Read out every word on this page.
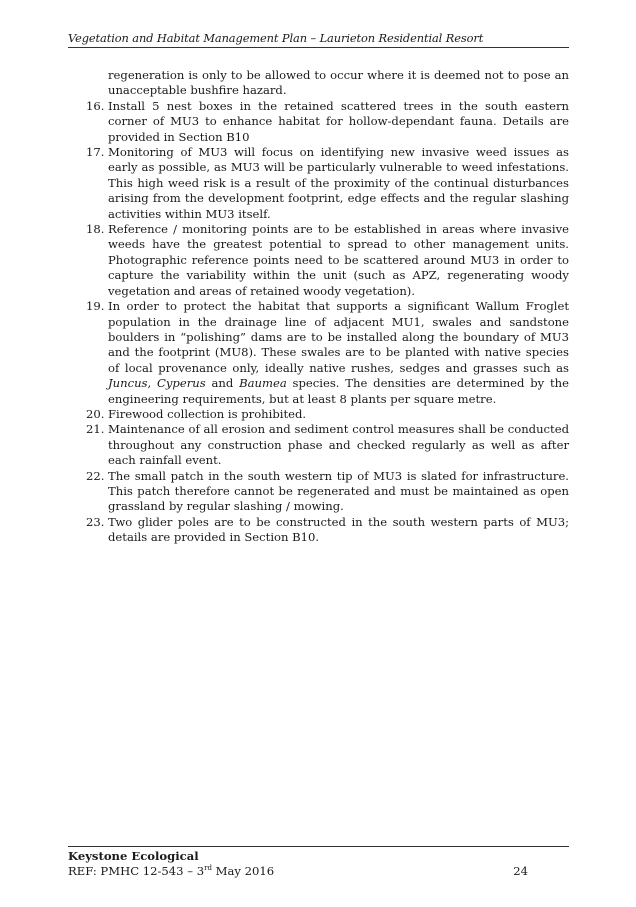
Vegetation and Habitat Management Plan – Laurieton Residential Resort

regeneration is only to be allowed to occur where it is deemed not to pose an unacceptable bushfire hazard.

16. Install 5 nest boxes in the retained scattered trees in the south eastern corner of MU3 to enhance habitat for hollow-dependant fauna. Details are provided in Section B10
17. Monitoring of MU3 will focus on identifying new invasive weed issues as early as possible, as MU3 will be particularly vulnerable to weed infestations. This high weed risk is a result of the proximity of the continual disturbances arising from the development footprint, edge effects and the regular slashing activities within MU3 itself.
18. Reference / monitoring points are to be established in areas where invasive weeds have the greatest potential to spread to other management units. Photographic reference points need to be scattered around MU3 in order to capture the variability within the unit (such as APZ, regenerating woody vegetation and areas of retained woody vegetation).
19. In order to protect the habitat that supports a significant Wallum Froglet population in the drainage line of adjacent MU1, swales and sandstone boulders in “polishing” dams are to be installed along the boundary of MU3 and the footprint (MU8). These swales are to be planted with native species of local provenance only, ideally native rushes, sedges and grasses such as Juncus, Cyperus and Baumea species. The densities are determined by the engineering requirements, but at least 8 plants per square metre.
20. Firewood collection is prohibited.
21. Maintenance of all erosion and sediment control measures shall be conducted throughout any construction phase and checked regularly as well as after each rainfall event.
22. The small patch in the south western tip of MU3 is slated for infrastructure. This patch therefore cannot be regenerated and must be maintained as open grassland by regular slashing / mowing.
23. Two glider poles are to be constructed in the south western parts of MU3; details are provided in Section B10.
Keystone Ecological
REF: PMHC 12-543 – 3rd May 2016	24
